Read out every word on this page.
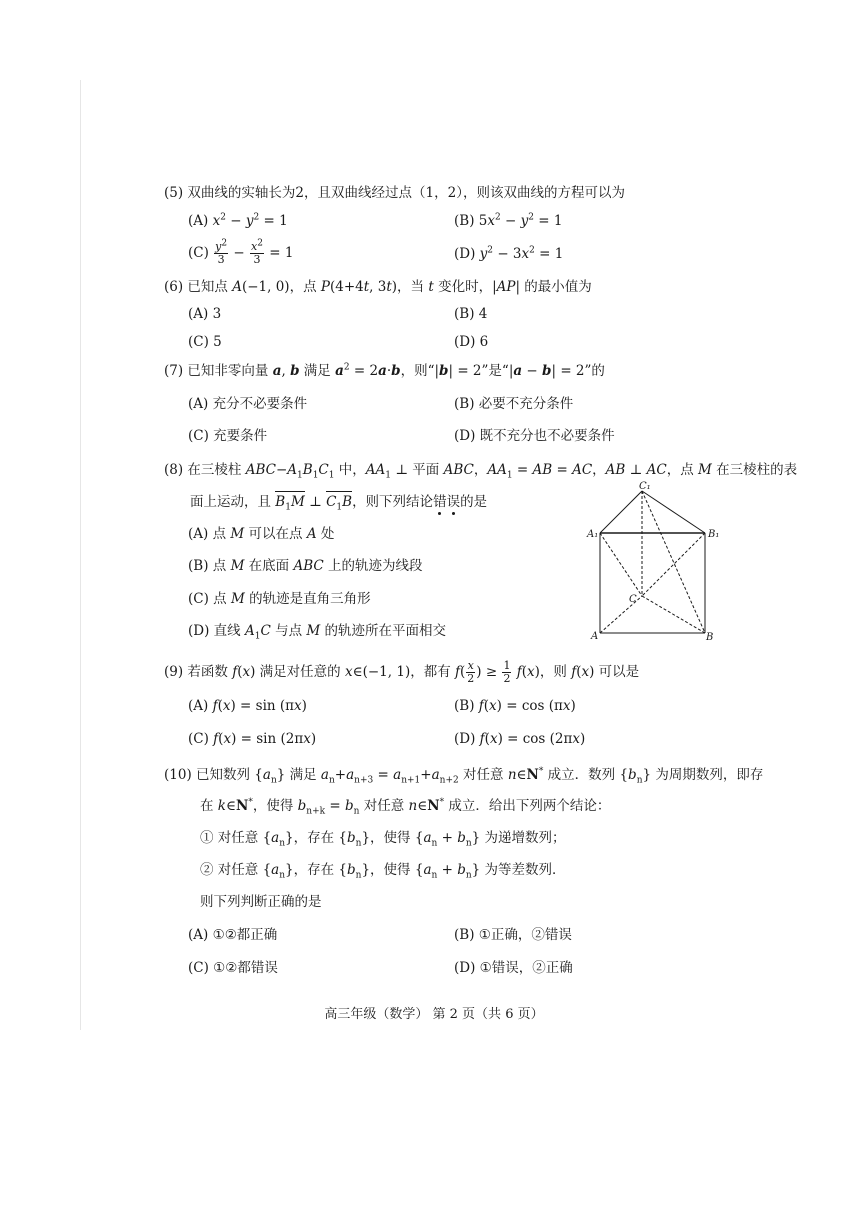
(5) 双曲线的实轴长为2，且双曲线经过点（1，2），则该双曲线的方程可以为
(A) $x^2 - y^2 = 1$	(B) $5x^2 - y^2 = 1$
$(C) \frac{y^2}{3} - \frac{x^2}{3} = 1$	(D) $y^2 - 3x^2 = 1$
(6) 已知点 A(−1, 0)，点 P(4+4t, 3t)，当 t 变化时，|AP| 的最小值为
(A) 3	(B) 4
(C) 5	(D) 6
(7) 已知非零向量 a, b 满足 $a^2 = 2a\cdot b$，则“|b| = 2”是“|a − b| = 2”的
(A) 充分不必要条件	(B) 必要不充分条件
(C) 充要条件	(D) 既不充分也不必要条件
(8) 在三棱柱 $ABC-A_1B_1C_1$ 中，$AA_1$ ⊥ 平面 ABC，$AA_1$ = AB = AC，AB ⊥ AC，点 M 在三棱柱的表
面上运动，且 $B_1M$ ⊥ $C_1B$，则下列结论错误的是
(A) 点 M 可以在点 A 处
(B) 点 M 在底面 ABC 上的轨迹为线段
(C) 点 M 的轨迹是直角三角形
(D) 直线 $A_1C$ 与点 M 的轨迹所在平面相交
C₁
A₁	B₁
C
A	B
(9) 若函数 f(x) 满足对任意的 x∈(−1, 1)，都有 $f( \frac{x}{2}$ ) ≥ $\frac{1}{2} f(x)$，则 f(x) 可以是
(A) f(x) = sin (πx)	(B) f(x) = cos (πx)
(C) f(x) = sin (2πx)	(D) f(x) = cos (2πx)
(10) 已知数列 $\{a_n\}$ 满足 $a_n+a_{n+3} = a_{n+1}+a_{n+2}$ 对任意 n∈N* 成立．数列 $\{b_n\}$ 为周期数列，即存
在 k∈N*，使得 $b_{n+k} = b_n$ 对任意 n∈N* 成立．给出下列两个结论：
① 对任意 $\{a_n\}$，存在 $\{b_n\}$，使得 $\{a_n + b_n\}$ 为递增数列；
② 对任意 $\{a_n\}$，存在 $\{b_n\}$，使得 $\{a_n + b_n\}$ 为等差数列．
则下列判断正确的是
(A) ①②都正确	(B) ①正确，②错误
(C) ①②都错误	(D) ①错误，②正确
高三年级（数学） 第 2 页（共 6 页）
